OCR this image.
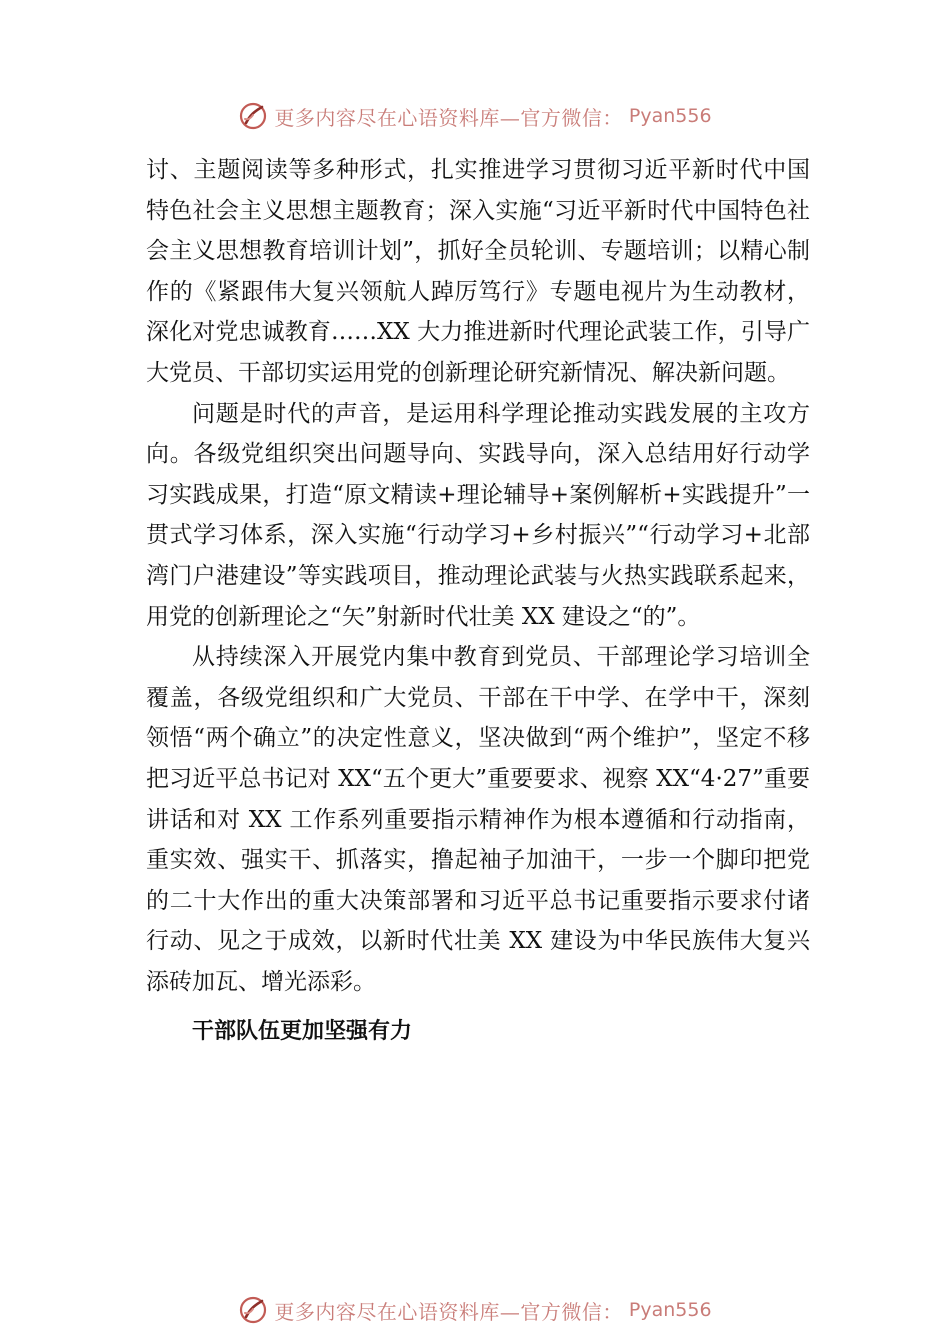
更多内容尽在心语资料库—官方微信： Pyan556

讨、主题阅读等多种形式，扎实推进学习贯彻习近平新时代中国特色社会主义思想主题教育；深入实施“习近平新时代中国特色社会主义思想教育培训计划”，抓好全员轮训、专题培训；以精心制作的《紧跟伟大复兴领航人踔厉笃行》专题电视片为生动教材，深化对党忠诚教育……XX 大力推进新时代理论武装工作，引导广大党员、干部切实运用党的创新理论研究新情况、解决新问题。

问题是时代的声音，是运用科学理论推动实践发展的主攻方向。各级党组织突出问题导向、实践导向，深入总结用好行动学习实践成果，打造“原文精读+理论辅导+案例解析+实践提升”一贯式学习体系，深入实施“行动学习+乡村振兴”“行动学习+北部湾门户港建设”等实践项目，推动理论武装与火热实践联系起来，用党的创新理论之“矢”射新时代壮美 XX 建设之“的”。

从持续深入开展党内集中教育到党员、干部理论学习培训全覆盖，各级党组织和广大党员、干部在干中学、在学中干，深刻领悟“两个确立”的决定性意义，坚决做到“两个维护”，坚定不移把习近平总书记对 XX“五个更大”重要要求、视察 XX“4·27”重要讲话和对 XX 工作系列重要指示精神作为根本遵循和行动指南，重实效、强实干、抓落实，撸起袖子加油干，一步一个脚印把党的二十大作出的重大决策部署和习近平总书记重要指示要求付诸行动、见之于成效，以新时代壮美 XX 建设为中华民族伟大复兴添砖加瓦、增光添彩。

干部队伍更加坚强有力
更多内容尽在心语资料库—官方微信： Pyan556
